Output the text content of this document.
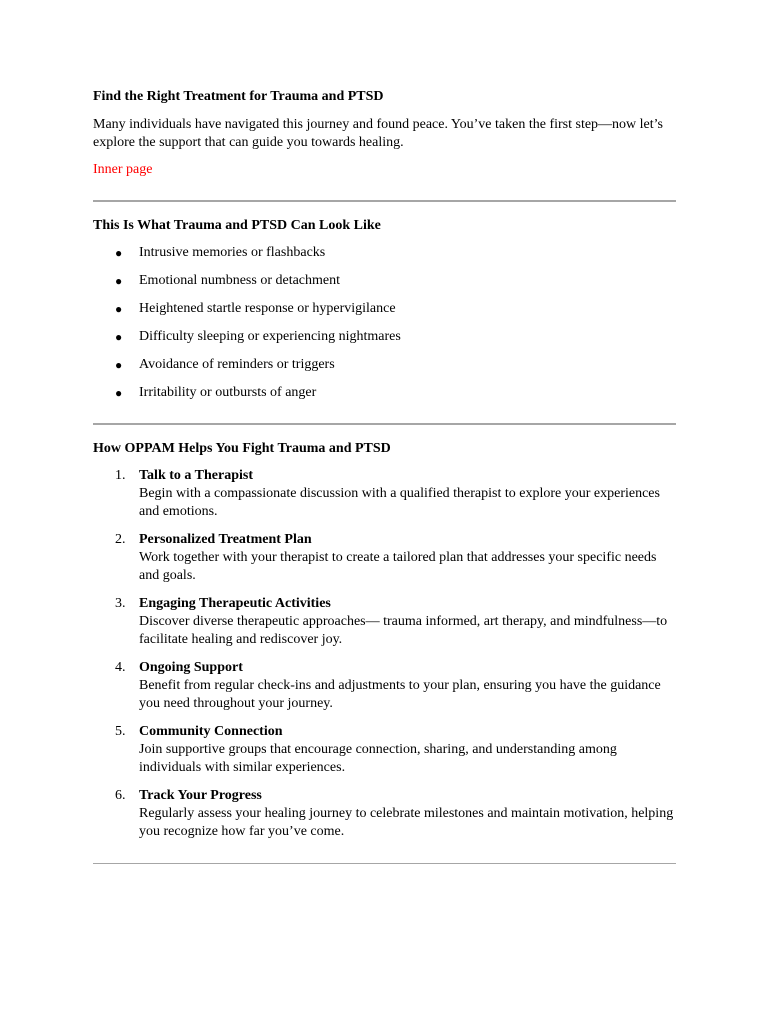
Find the Right Treatment for Trauma and PTSD

Many individuals have navigated this journey and found peace. You’ve taken the first step—now let’s explore the support that can guide you towards healing.

Inner page

This Is What Trauma and PTSD Can Look Like

● Intrusive memories or flashbacks
● Emotional numbness or detachment
● Heightened startle response or hypervigilance
● Difficulty sleeping or experiencing nightmares
● Avoidance of reminders or triggers
● Irritability or outbursts of anger

How OPPAM Helps You Fight Trauma and PTSD

1. Talk to a Therapist
Begin with a compassionate discussion with a qualified therapist to explore your experiences and emotions.
2. Personalized Treatment Plan
Work together with your therapist to create a tailored plan that addresses your specific needs and goals.
3. Engaging Therapeutic Activities
Discover diverse therapeutic approaches— trauma informed, art therapy, and mindfulness—to facilitate healing and rediscover joy.
4. Ongoing Support
Benefit from regular check-ins and adjustments to your plan, ensuring you have the guidance you need throughout your journey.
5. Community Connection
Join supportive groups that encourage connection, sharing, and understanding among individuals with similar experiences.
6. Track Your Progress
Regularly assess your healing journey to celebrate milestones and maintain motivation, helping you recognize how far you’ve come.
